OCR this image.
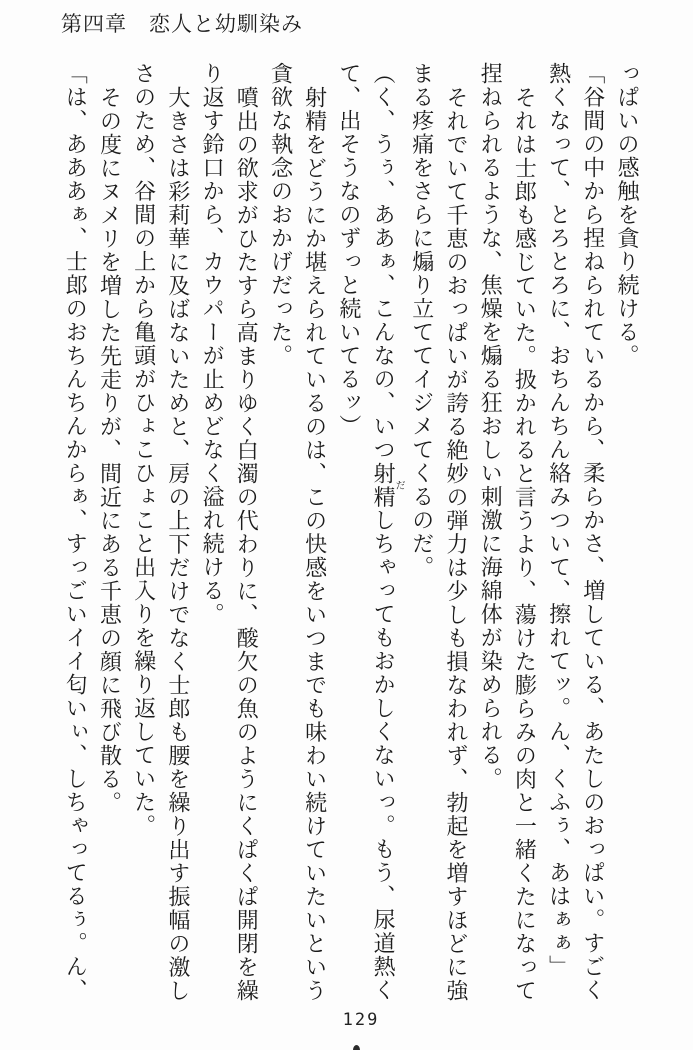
第四章　恋人と幼馴染み

っぱいの感触を貪り続ける。

「谷間の中から捏ねられているから、柔らかさ、増している、あたしのおっぱい。すごく

熱くなって、とろとろに、おちんちん絡みついて、擦れてッ。ん、くふぅ、あはぁぁ」

それは士郎も感じていた。扱かれると言うより、蕩けた膨らみの肉と一緒くたになって

捏ねられるような、焦燥を煽る狂おしい刺激に海綿体が染められる。

それでいて千恵のおっぱいが誇る絶妙の弾力は少しも損なわれず、勃起を増すほどに強

まる疼痛をさらに煽り立ててイジメてくるのだ。

（く、うぅ、ああぁ、こんなの、いつ射精だしちゃってもおかしくないっ。もう、尿道熱く

て、出そうなのずっと続いてるッ）

射精をどうにか堪えられているのは、この快感をいつまでも味わい続けていたいという

貪欲な執念のおかげだった。

噴出の欲求がひたすら高まりゆく白濁の代わりに、酸欠の魚のようにくぱくぱ開閉を繰

り返す鈴口から、カウパーが止めどなく溢れ続ける。

大きさは彩莉華に及ばないためと、房の上下だけでなく士郎も腰を繰り出す振幅の激し

さのため、谷間の上から亀頭がひょこひょこと出入りを繰り返していた。

その度にヌメリを増した先走りが、間近にある千恵の顔に飛び散る。

「は、あああぁ、士郎のおちんちんからぁ、すっごいイイ匂いぃ、しちゃってるぅ。ん、

129
